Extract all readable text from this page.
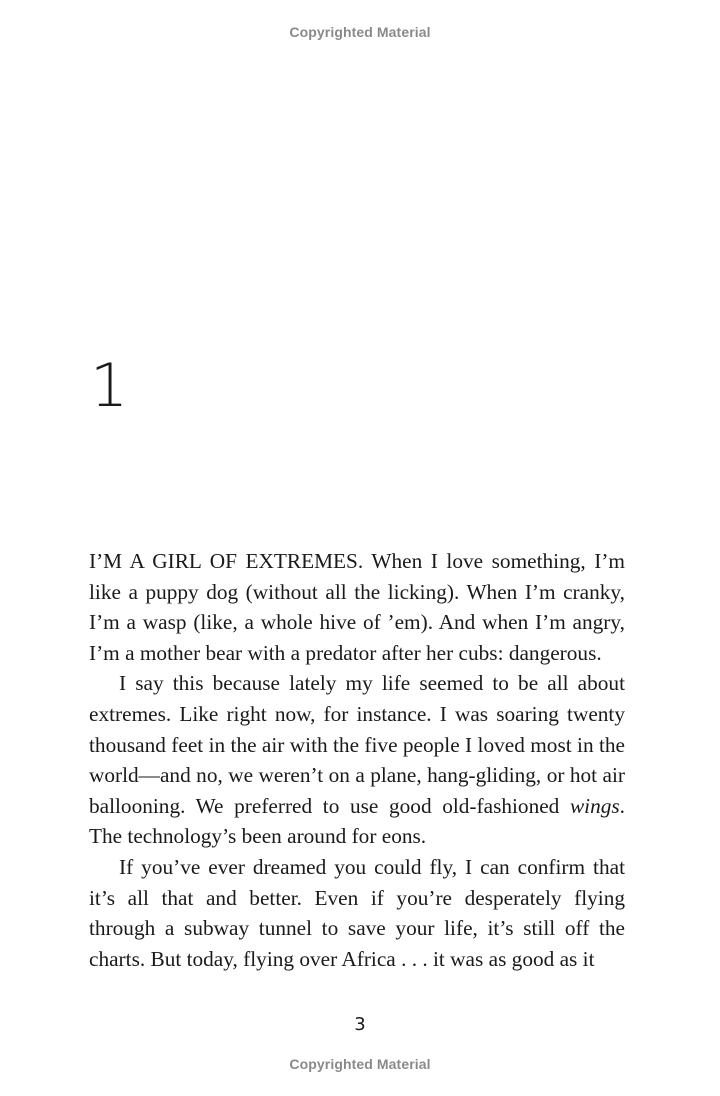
Copyrighted Material
1

I’M A GIRL OF EXTREMES. When I love something, I’m like a puppy dog (without all the licking). When I’m cranky, I’m a wasp (like, a whole hive of ’em). And when I’m angry, I’m a mother bear with a predator after her cubs: dangerous.

I say this because lately my life seemed to be all about extremes. Like right now, for instance. I was soaring twenty thousand feet in the air with the five people I loved most in the world—and no, we weren’t on a plane, hang-gliding, or hot air ballooning. We preferred to use good old-fashioned wings. The technology’s been around for eons.

If you’ve ever dreamed you could fly, I can confirm that it’s all that and better. Even if you’re desperately flying through a subway tunnel to save your life, it’s still off the charts. But today, flying over Africa . . . it was as good as it

3
Copyrighted Material
